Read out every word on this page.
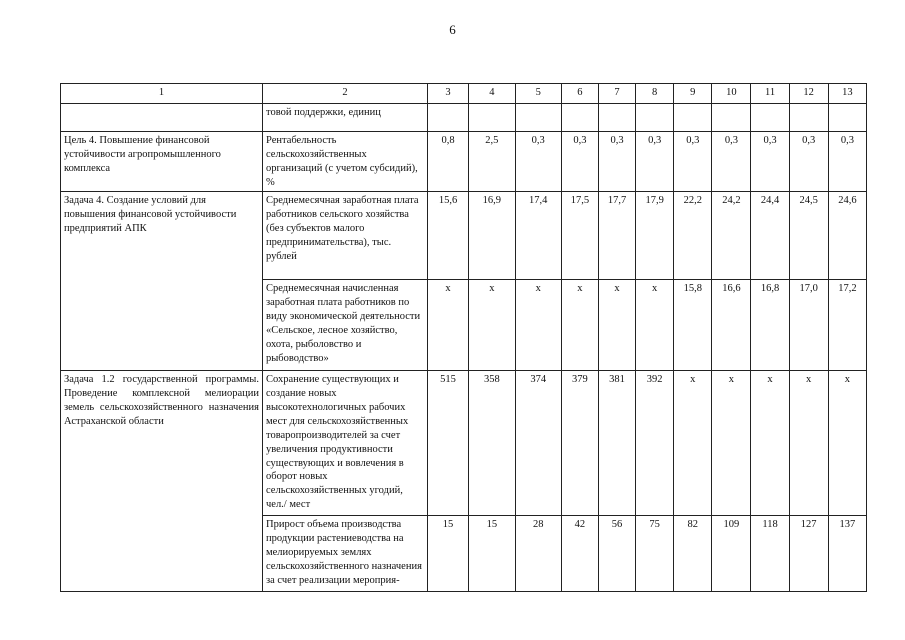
6
1	2	3	4	5	6	7	8	9	10	11	12	13
	товой поддержки, единиц											
Цель 4. Повышение финансовой устойчивости агропромышленного комплекса	Рентабельность сельскохозяйственных организаций (с учетом субсидий), %	0,8	2,5	0,3	0,3	0,3	0,3	0,3	0,3	0,3	0,3	0,3
Задача 4. Создание условий для повышения финансовой устойчивости предприятий АПК	Среднемесячная заработная плата работников сельского хозяйства (без субъектов малого предпринимательства), тыс. рублей	15,6	16,9	17,4	17,5	17,7	17,9	22,2	24,2	24,4	24,5	24,6
	Среднемесячная начисленная заработная плата работников по виду экономической деятельности «Сельское, лесное хозяйство, охота, рыболовство и рыбоводство»	x	x	x	x	x	x	15,8	16,6	16,8	17,0	17,2
Задача 1.2 государственной программы. Проведение комплексной мелиорации земель сельскохозяйственного назначения Астраханской области	Сохранение существующих и создание новых высокотехнологичных рабочих мест для сельскохозяйственных товаропроизводителей за счет увеличения продуктивности существующих и вовлечения в оборот новых сельскохозяйственных угодий, чел./ мест	515	358	374	379	381	392	x	x	x	x	x
	Прирост объема производства продукции растениеводства на мелиорируемых землях сельскохозяйственного назначения за счет реализации мероприя-	15	15	28	42	56	75	82	109	118	127	137
